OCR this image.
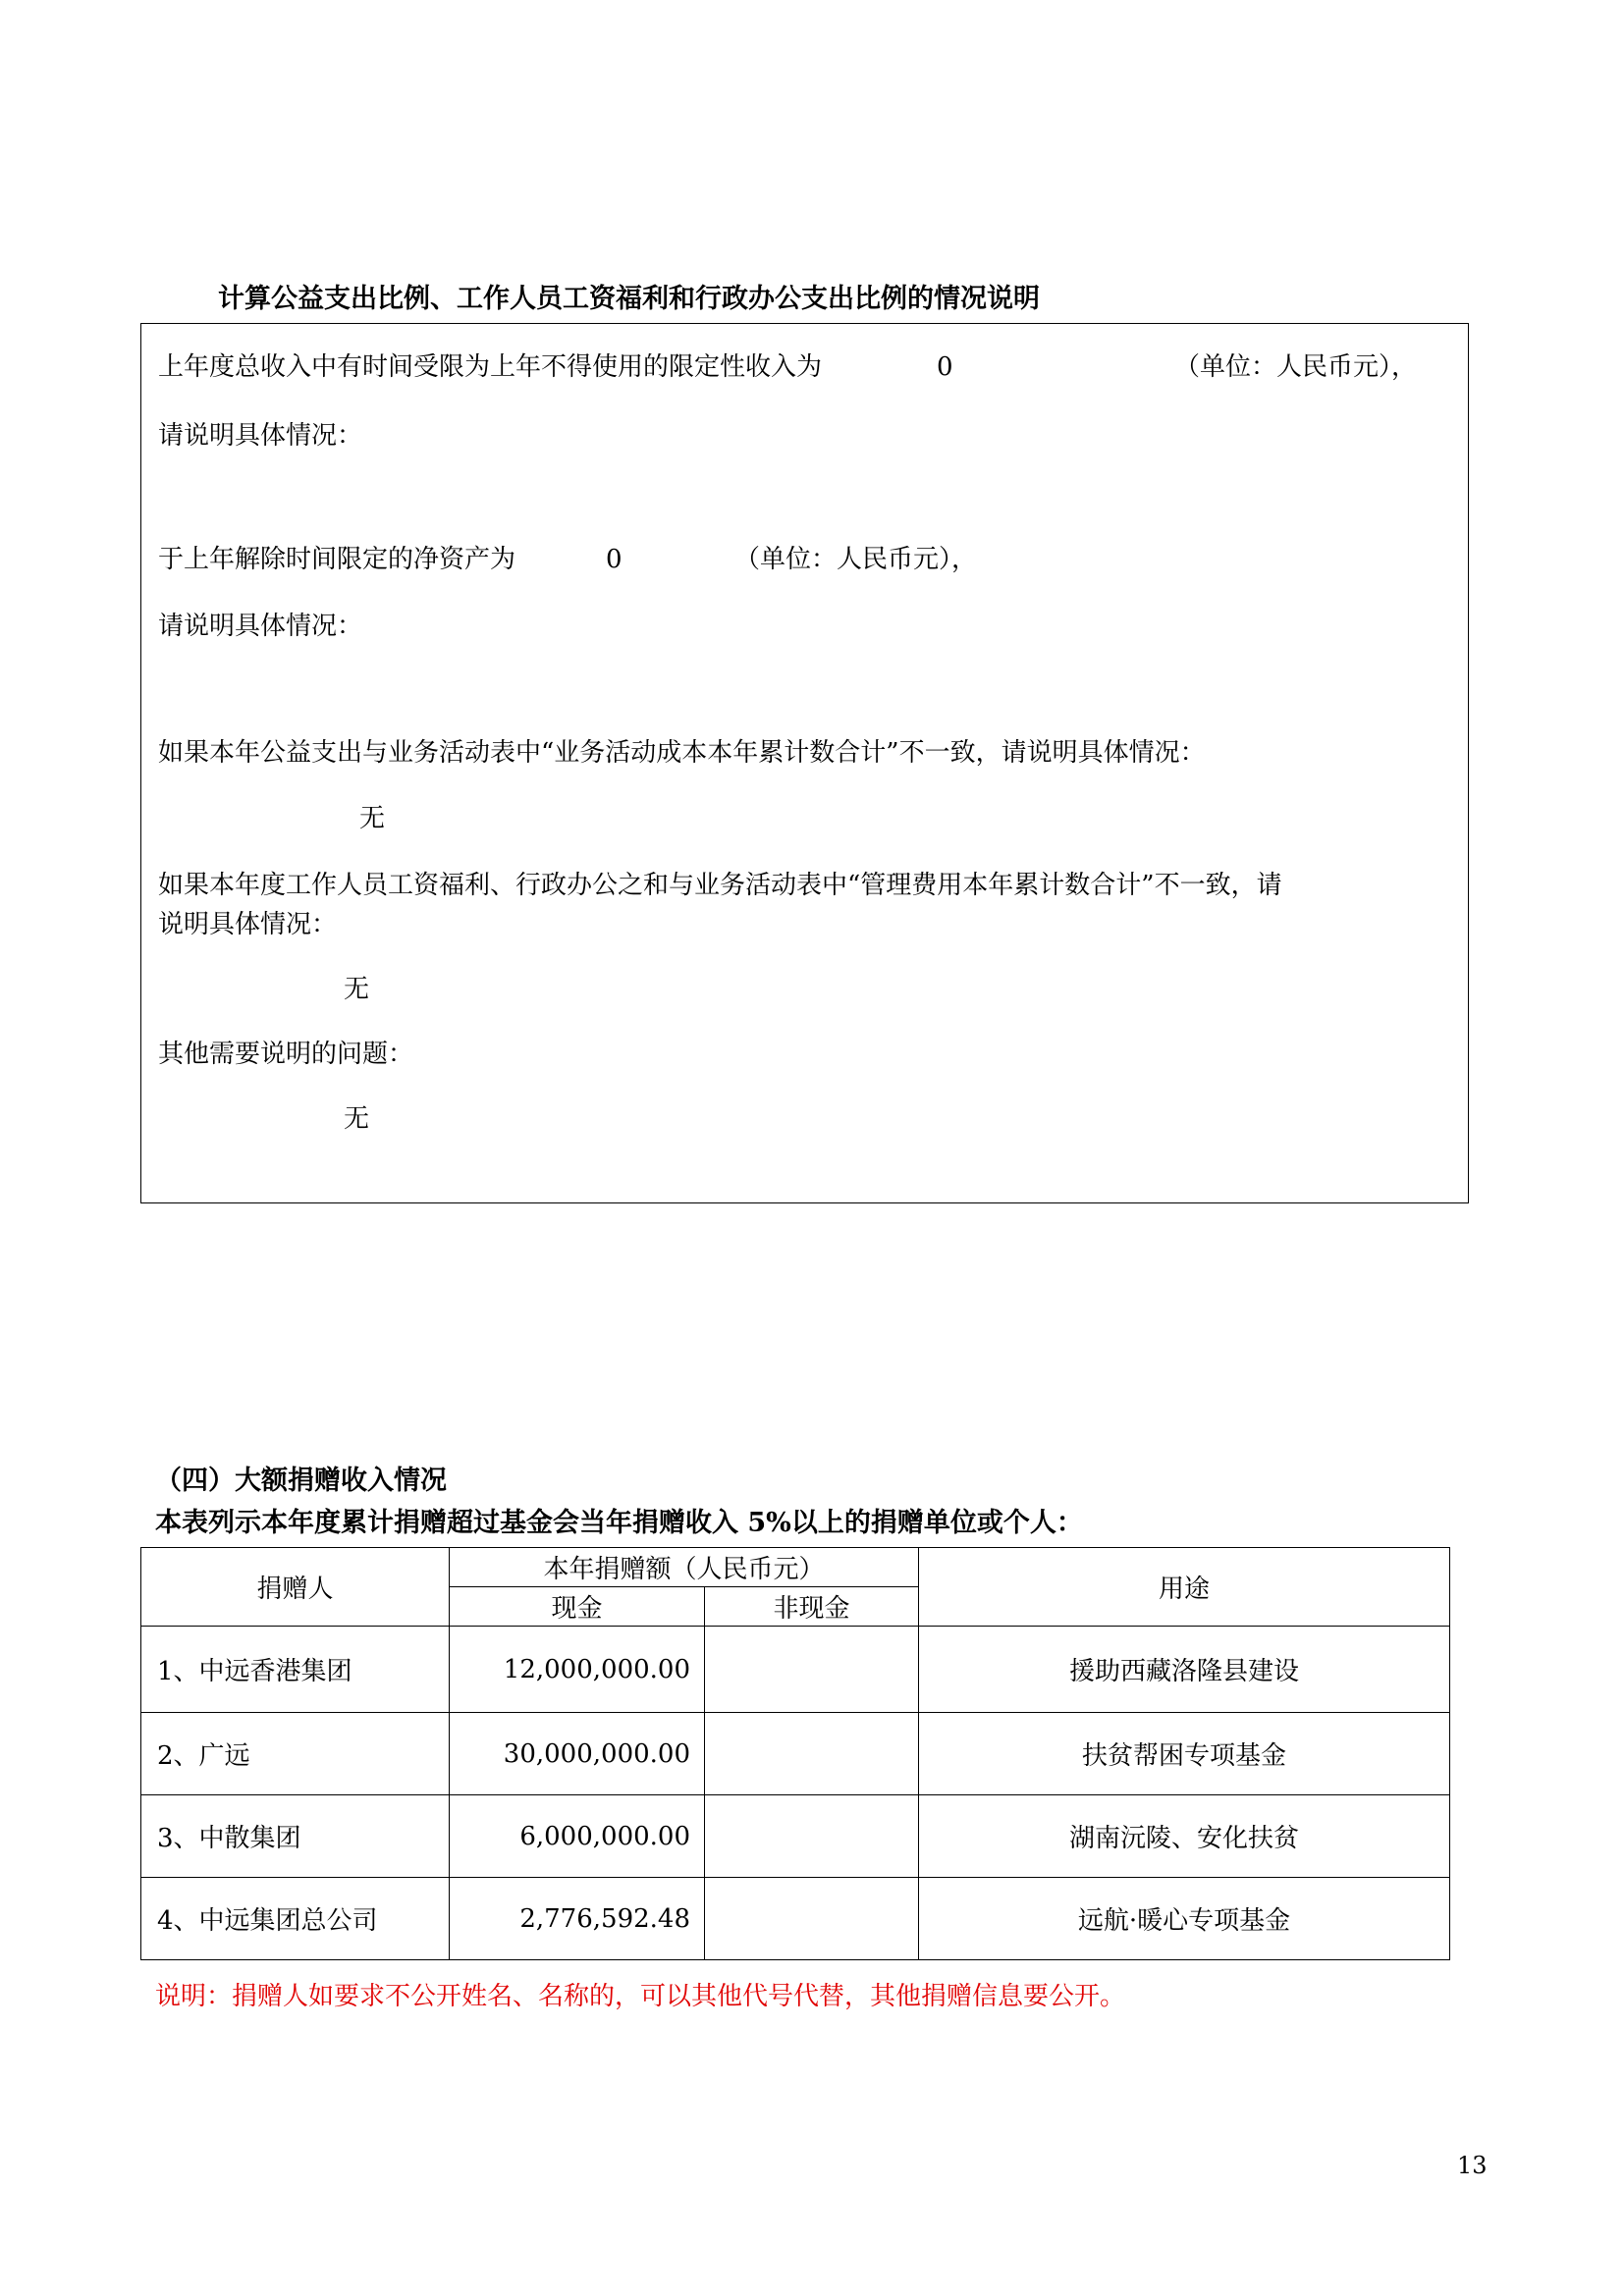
计算公益支出比例、工作人员工资福利和行政办公支出比例的情况说明
上年度总收入中有时间受限为上年不得使用的限定性收入为	0	（单位：人民币元），
请说明具体情况：
于上年解除时间限定的净资产为	0	（单位：人民币元），
请说明具体情况：
如果本年公益支出与业务活动表中“业务活动成本本年累计数合计”不一致，请说明具体情况：
无
如果本年度工作人员工资福利、行政办公之和与业务活动表中“管理费用本年累计数合计”不一致，请
说明具体情况：
无
其他需要说明的问题：
无
（四）大额捐赠收入情况
本表列示本年度累计捐赠超过基金会当年捐赠收入 5%以上的捐赠单位或个人：
捐赠人	本年捐赠额（人民币元）		用途
	现金	非现金	
1、中远香港集团	12,000,000.00		援助西藏洛隆县建设
2、广远	30,000,000.00		扶贫帮困专项基金
3、中散集团	6,000,000.00		湖南沅陵、安化扶贫
4、中远集团总公司	2,776,592.48		远航·暖心专项基金
说明：捐赠人如要求不公开姓名、名称的，可以其他代号代替，其他捐赠信息要公开。
13
